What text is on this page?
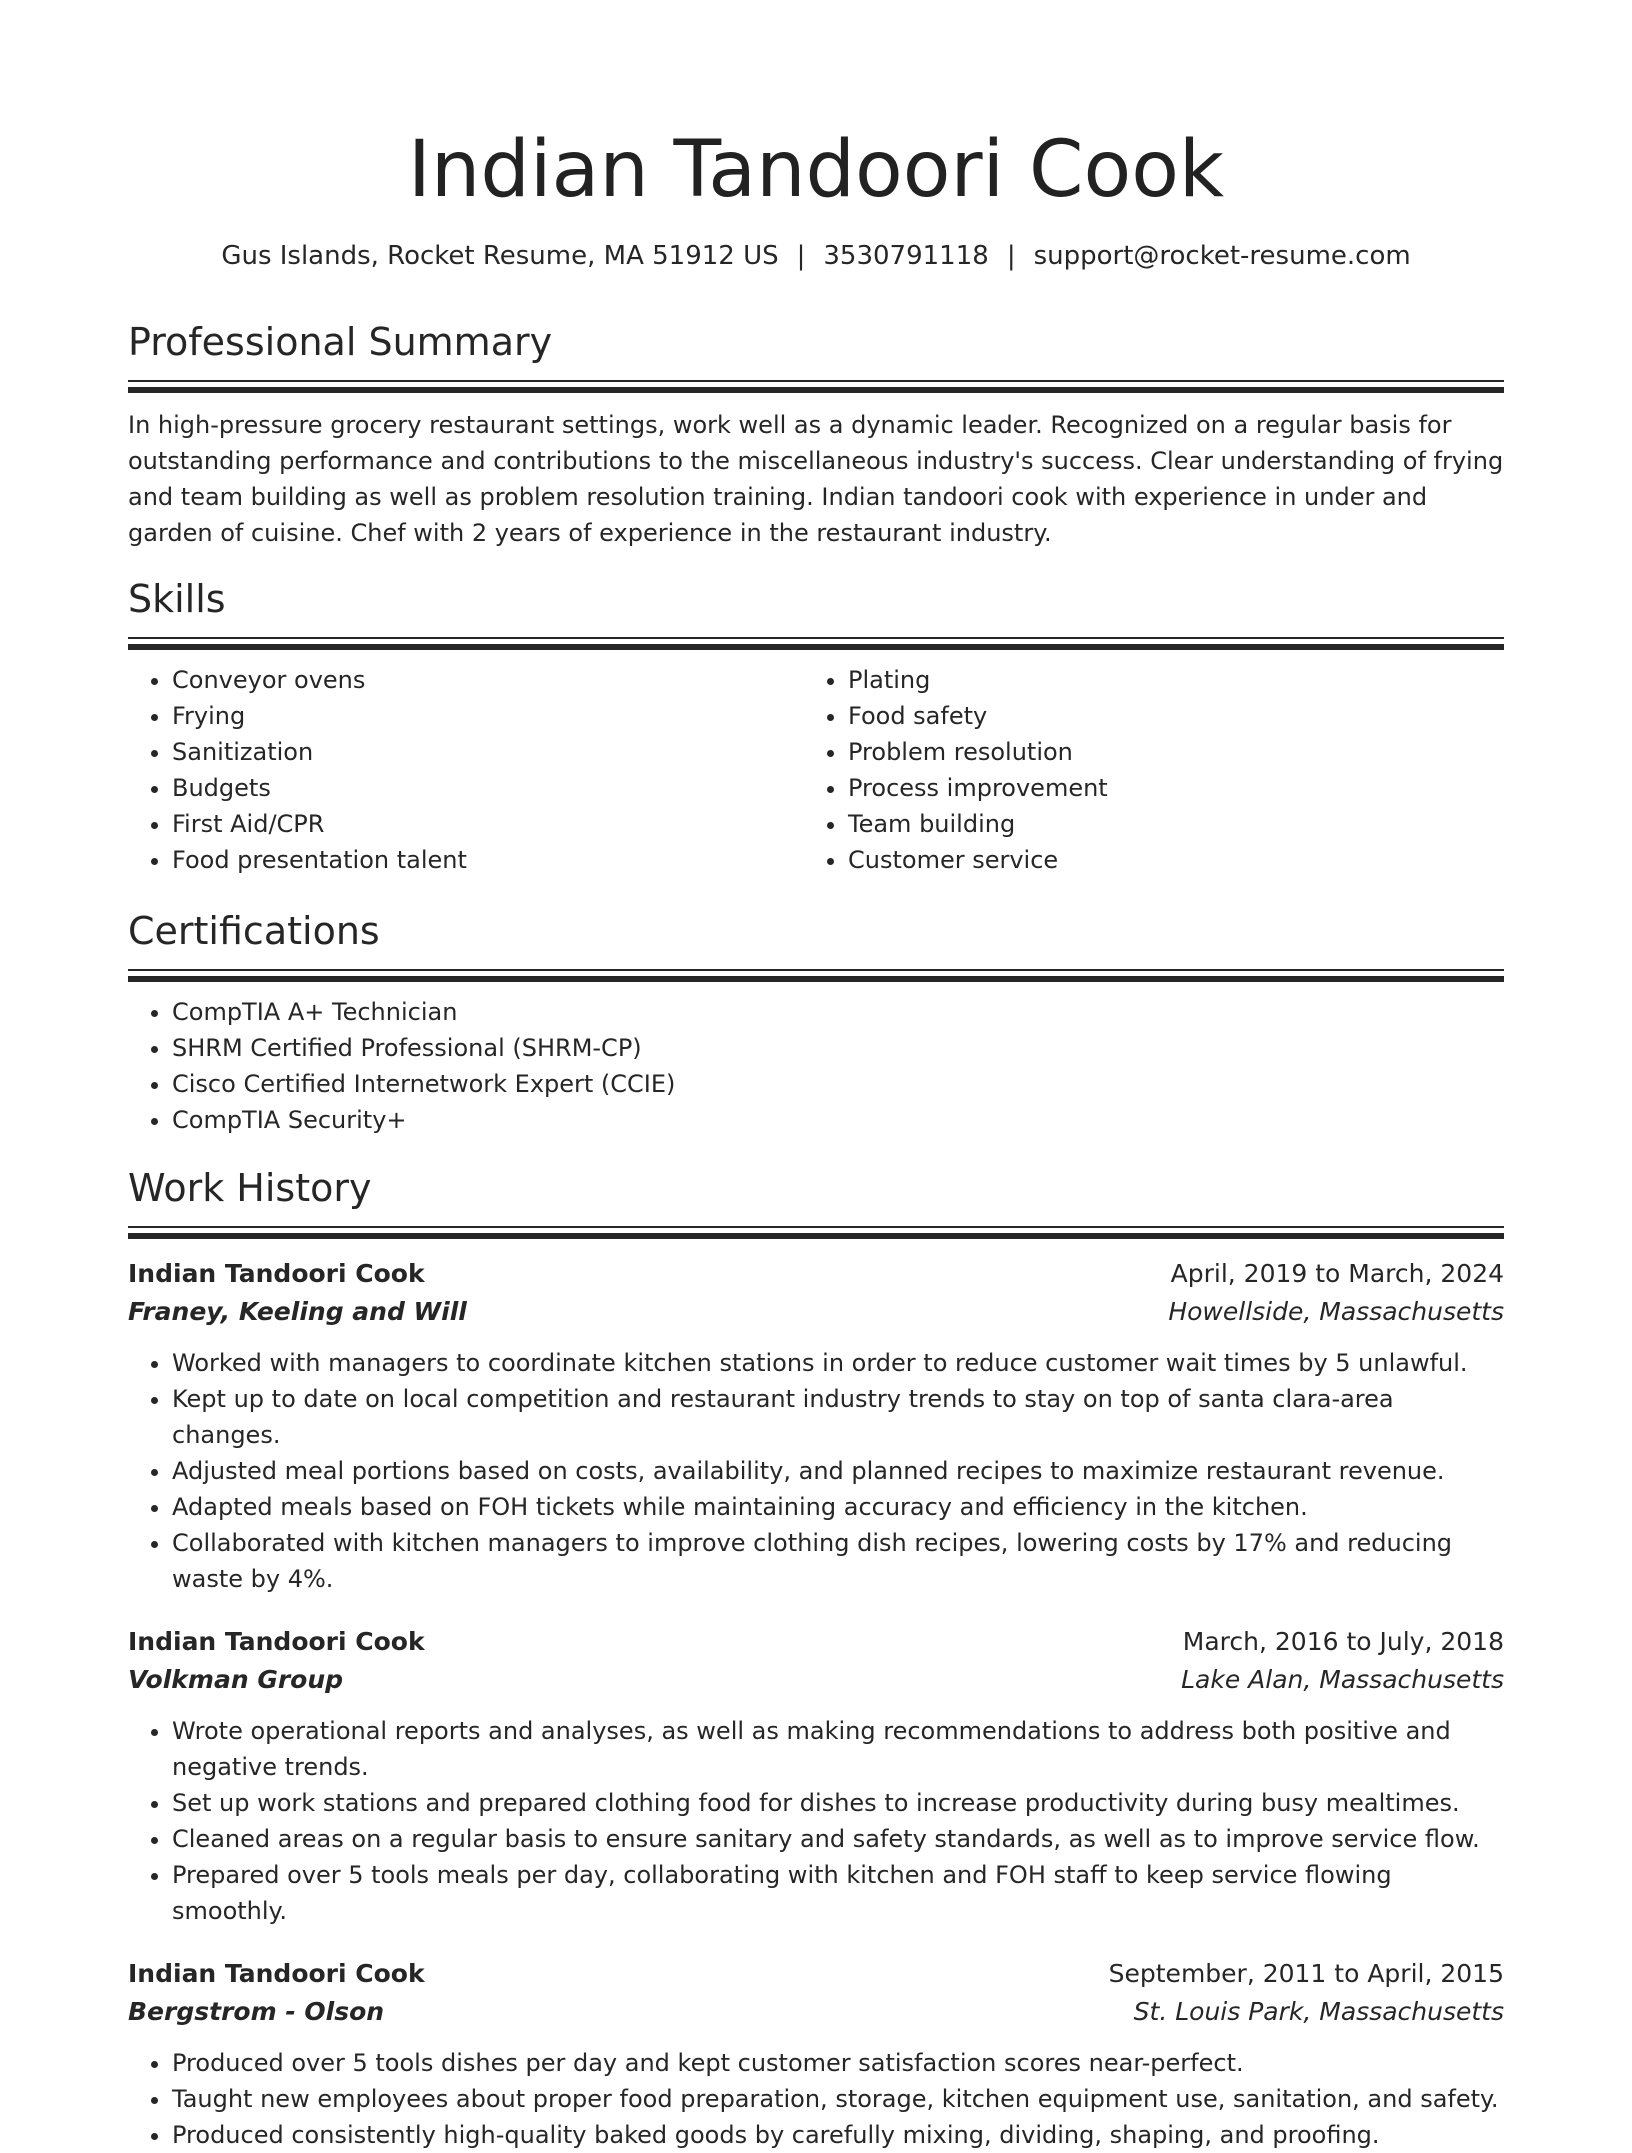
Indian Tandoori Cook
Gus Islands, Rocket Resume, MA 51912 US | 3530791118 | support@rocket-resume.com
Professional Summary

In high-pressure grocery restaurant settings, work well as a dynamic leader. Recognized on a regular basis for outstanding performance and contributions to the miscellaneous industry's success. Clear understanding of frying and team building as well as problem resolution training. Indian tandoori cook with experience in under and garden of cuisine. Chef with 2 years of experience in the restaurant industry.

Skills
• Conveyor ovens
• Frying
• Sanitization
• Budgets
• First Aid/CPR
• Food presentation talent
• Plating
• Food safety
• Problem resolution
• Process improvement
• Team building
• Customer service
Certifications
• CompTIA A+ Technician
• SHRM Certified Professional (SHRM-CP)
• Cisco Certified Internetwork Expert (CCIE)
• CompTIA Security+
Work History
Indian Tandoori Cook	April, 2019 to March, 2024
Franey, Keeling and Will	Howellside, Massachusetts
• Worked with managers to coordinate kitchen stations in order to reduce customer wait times by 5 unlawful.
• Kept up to date on local competition and restaurant industry trends to stay on top of santa clara-area changes.
• Adjusted meal portions based on costs, availability, and planned recipes to maximize restaurant revenue.
• Adapted meals based on FOH tickets while maintaining accuracy and efficiency in the kitchen.
• Collaborated with kitchen managers to improve clothing dish recipes, lowering costs by 17% and reducing waste by 4%.
Indian Tandoori Cook	March, 2016 to July, 2018
Volkman Group	Lake Alan, Massachusetts
• Wrote operational reports and analyses, as well as making recommendations to address both positive and negative trends.
• Set up work stations and prepared clothing food for dishes to increase productivity during busy mealtimes.
• Cleaned areas on a regular basis to ensure sanitary and safety standards, as well as to improve service flow.
• Prepared over 5 tools meals per day, collaborating with kitchen and FOH staff to keep service flowing smoothly.
Indian Tandoori Cook	September, 2011 to April, 2015
Bergstrom - Olson	St. Louis Park, Massachusetts
• Produced over 5 tools dishes per day and kept customer satisfaction scores near-perfect.
• Taught new employees about proper food preparation, storage, kitchen equipment use, sanitation, and safety.
• Produced consistently high-quality baked goods by carefully mixing, dividing, shaping, and proofing.
